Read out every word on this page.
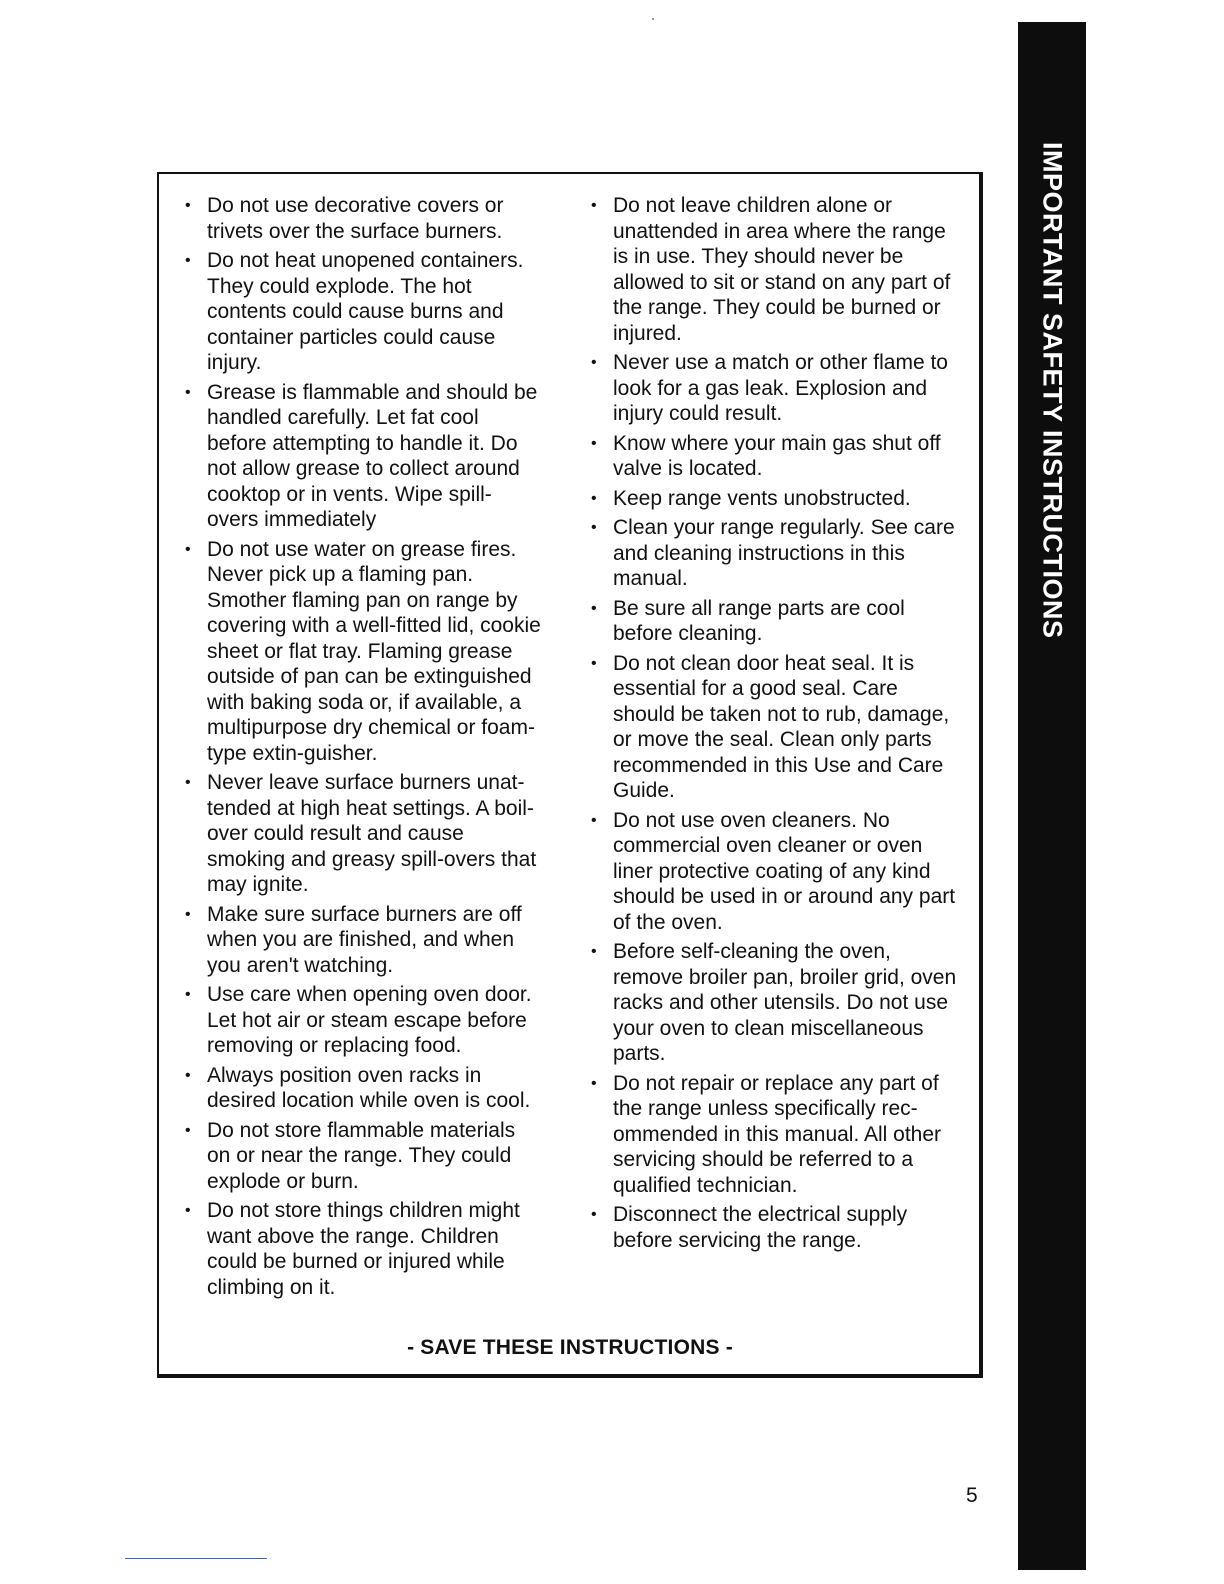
IMPORTANT SAFETY INSTRUCTIONS
• Do not use decorative covers or trivets over the surface burners.
• Do not heat unopened containers. They could explode. The hot contents could cause burns and container particles could cause injury.
• Grease is flammable and should be handled carefully. Let fat cool before attempting to handle it. Do not allow grease to collect around cooktop or in vents. Wipe spill-overs immediately
• Do not use water on grease fires. Never pick up a flaming pan. Smother flaming pan on range by covering with a well-fitted lid, cookie sheet or flat tray. Flaming grease outside of pan can be extinguished with baking soda or, if available, a multipurpose dry chemical or foam-type extin-guisher.
• Never leave surface burners unat-tended at high heat settings. A boil-over could result and cause smoking and greasy spill-overs that may ignite.
• Make sure surface burners are off when you are finished, and when you aren't watching.
• Use care when opening oven door. Let hot air or steam escape before removing or replacing food.
• Always position oven racks in desired location while oven is cool.
• Do not store flammable materials on or near the range. They could explode or burn.
• Do not store things children might want above the range. Children could be burned or injured while climbing on it.
• Do not leave children alone or unattended in area where the range is in use. They should never be allowed to sit or stand on any part of the range. They could be burned or injured.
• Never use a match or other flame to look for a gas leak. Explosion and injury could result.
• Know where your main gas shut off valve is located.
• Keep range vents unobstructed.
• Clean your range regularly. See care and cleaning instructions in this manual.
• Be sure all range parts are cool before cleaning.
• Do not clean door heat seal. It is essential for a good seal. Care should be taken not to rub, damage, or move the seal. Clean only parts recommended in this Use and Care Guide.
• Do not use oven cleaners. No commercial oven cleaner or oven liner protective coating of any kind should be used in or around any part of the oven.
• Before self-cleaning the oven, remove broiler pan, broiler grid, oven racks and other utensils. Do not use your oven to clean miscellaneous parts.
• Do not repair or replace any part of the range unless specifically rec-ommended in this manual. All other servicing should be referred to a qualified technician.
• Disconnect the electrical supply before servicing the range.
- SAVE THESE INSTRUCTIONS -
5
